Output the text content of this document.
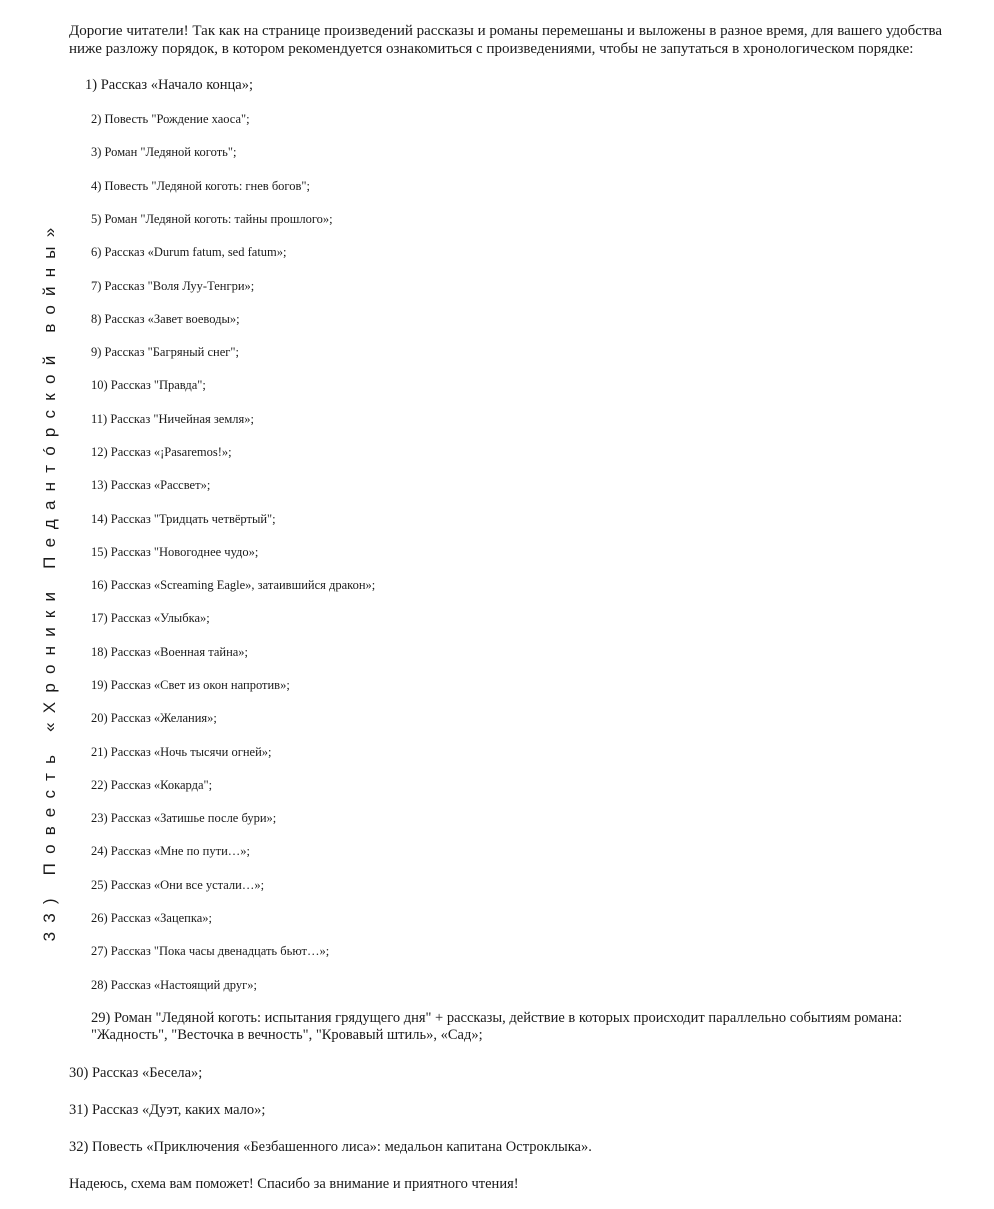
33) Повесть «Хроники Педантóрской войны»

Дорогие читатели! Так как на странице произведений рассказы и романы перемешаны и выложены в разное время, для вашего удобства ниже разложу порядок, в котором рекомендуется ознакомиться с произведениями, чтобы не запутаться в хронологическом порядке:

1) Рассказ «Начало конца»;

2) Повесть "Рождение хаоса";

3) Роман "Ледяной коготь";

4) Повесть "Ледяной коготь: гнев богов";

5) Роман "Ледяной коготь: тайны прошлого»;

6) Рассказ «Durum fatum, sed fatum»;

7) Рассказ "Воля Луу-Тенгри»;

8) Рассказ «Завет воеводы»;

9) Рассказ "Багряный снег";

10) Рассказ "Правда";

11) Рассказ "Ничейная земля»;

12) Рассказ «¡Pasaremos!»;

13) Рассказ «Рассвет»;

14) Рассказ "Тридцать четвёртый";

15) Рассказ "Новогоднее чудо»;

16) Рассказ «Screaming Eagle», затаившийся дракон»;

17) Рассказ «Улыбка»;

18) Рассказ «Военная тайна»;

19) Рассказ «Свет из окон напротив»;

20) Рассказ «Желания»;

21) Рассказ «Ночь тысячи огней»;

22) Рассказ «Кокарда";

23) Рассказ «Затишье после бури»;

24) Рассказ «Мне по пути…»;

25) Рассказ «Они все устали…»;

26) Рассказ «Зацепка»;

27) Рассказ "Пока часы двенадцать бьют…»;

28) Рассказ «Настоящий друг»;

29) Роман "Ледяной коготь: испытания грядущего дня" + рассказы, действие в которых происходит параллельно событиям романа: "Жадность", "Весточка в вечность", "Кровавый штиль», «Сад»;

30) Рассказ «Бесела»;

31) Рассказ «Дуэт, каких мало»;

32) Повесть «Приключения «Безбашенного лиса»: медальон капитана Остроклыка».

Надеюсь, схема вам поможет! Спасибо за внимание и приятного чтения!
